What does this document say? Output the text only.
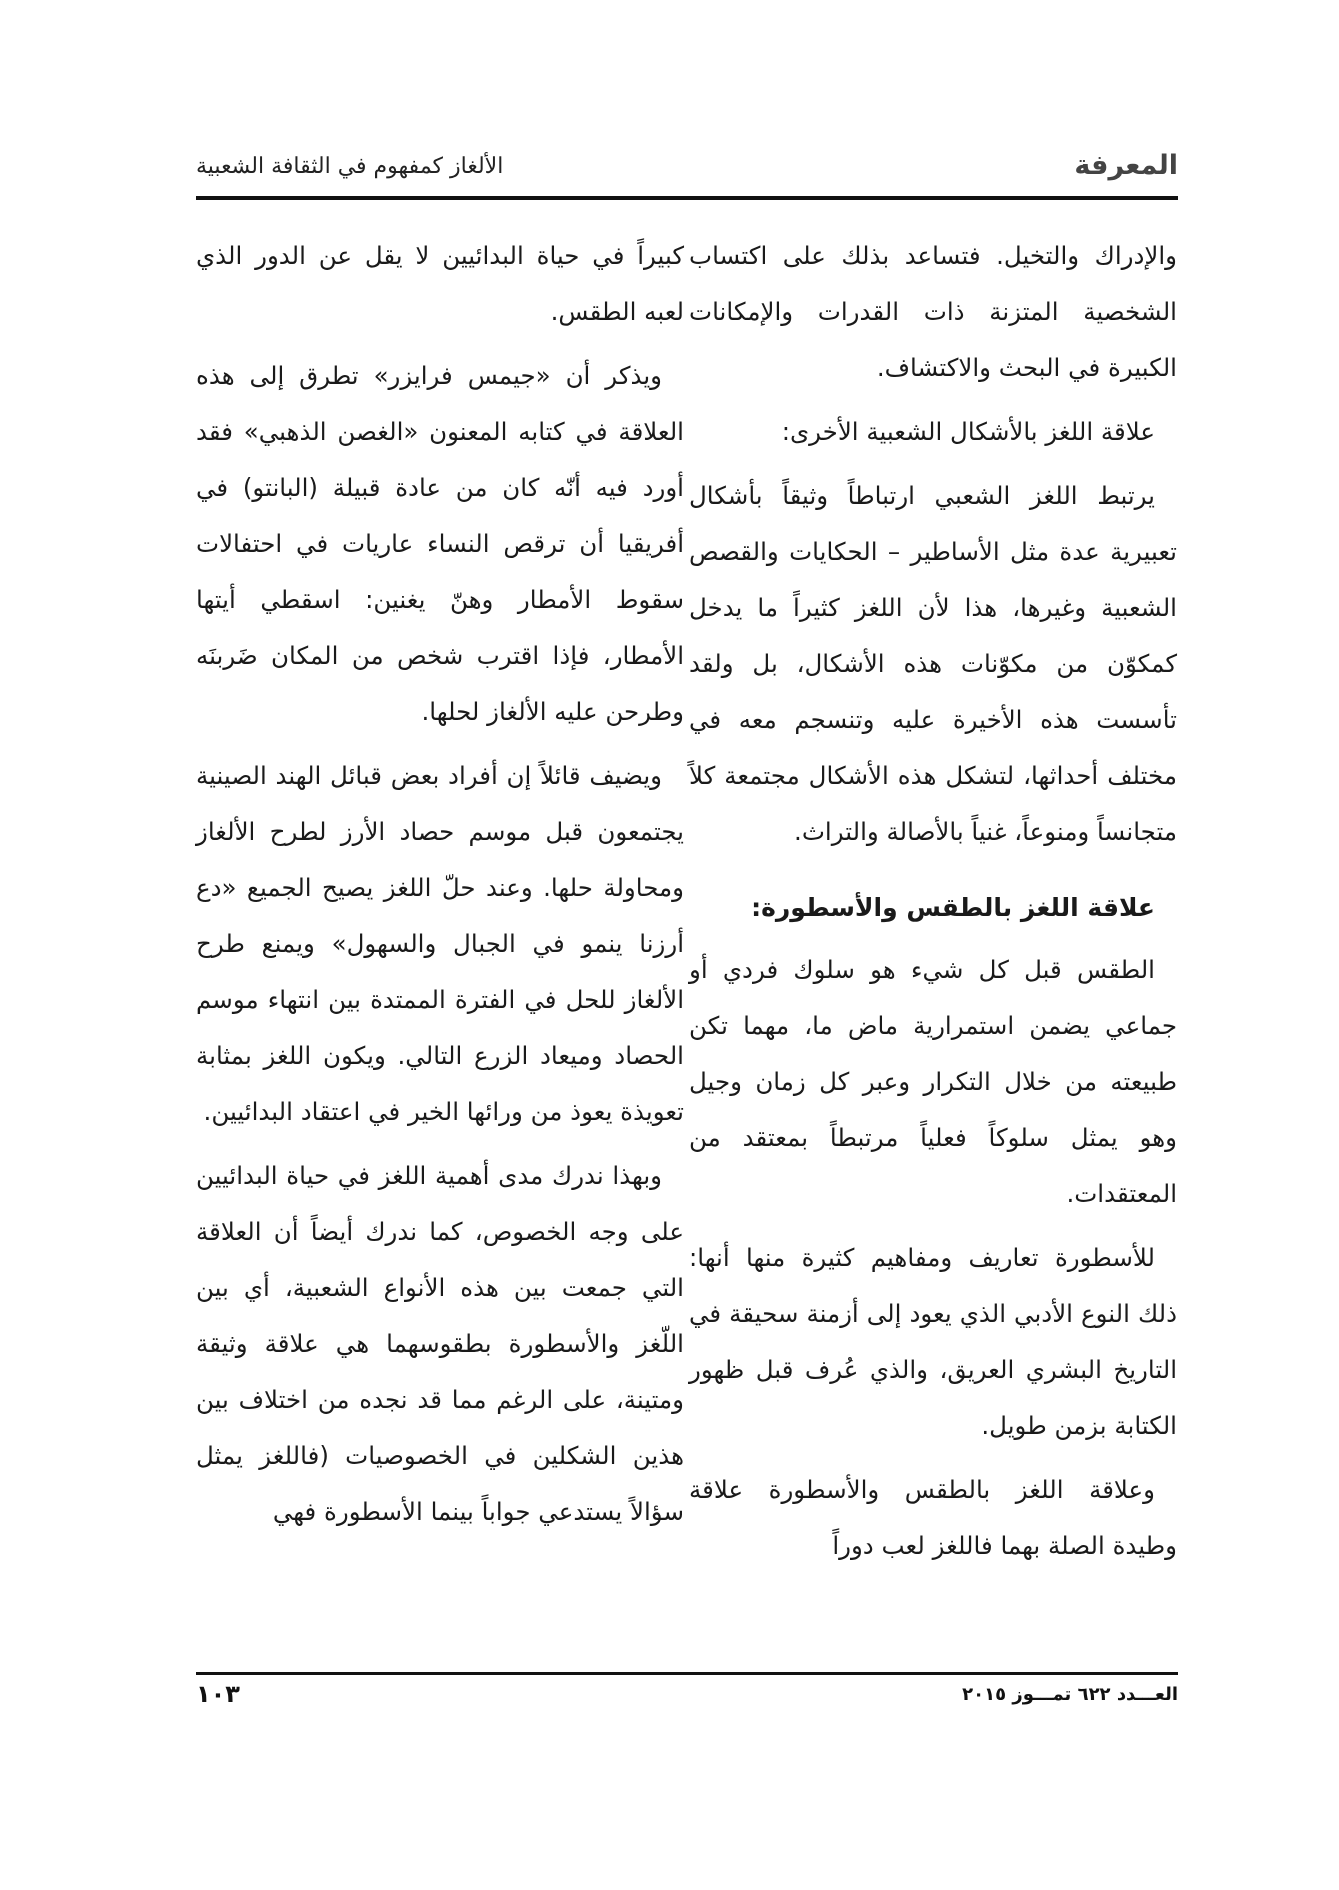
المعرفة
الألغاز كمفهوم في الثقافة الشعبية

والإدراك والتخيل. فتساعد بذلك على اكتساب الشخصية المتزنة ذات القدرات والإمكانات الكبيرة في البحث والاكتشاف.

علاقة اللغز بالأشكال الشعبية الأخرى:

يرتبط اللغز الشعبي ارتباطاً وثيقاً بأشكال تعبيرية عدة مثل الأساطير – الحكايات والقصص الشعبية وغيرها، هذا لأن اللغز كثيراً ما يدخل كمكوّن من مكوّنات هذه الأشكال، بل ولقد تأسست هذه الأخيرة عليه وتنسجم معه في مختلف أحداثها، لتشكل هذه الأشكال مجتمعة كلاً متجانساً ومنوعاً، غنياً بالأصالة والتراث.

علاقة اللغز بالطقس والأسطورة:

الطقس قبل كل شيء هو سلوك فردي أو جماعي يضمن استمرارية ماض ما، مهما تكن طبيعته من خلال التكرار وعبر كل زمان وجيل وهو يمثل سلوكاً فعلياً مرتبطاً بمعتقد من المعتقدات.

للأسطورة تعاريف ومفاهيم كثيرة منها أنها: ذلك النوع الأدبي الذي يعود إلى أزمنة سحيقة في التاريخ البشري العريق، والذي عُرف قبل ظهور الكتابة بزمن طويل.

وعلاقة اللغز بالطقس والأسطورة علاقة وطيدة الصلة بهما فاللغز لعب دوراً

كبيراً في حياة البدائيين لا يقل عن الدور الذي لعبه الطقس.

ويذكر أن «جيمس فرايزر» تطرق إلى هذه العلاقة في كتابه المعنون «الغصن الذهبي» فقد أورد فيه أنّه كان من عادة قبيلة (البانتو) في أفريقيا أن ترقص النساء عاريات في احتفالات سقوط الأمطار وهنّ يغنين: اسقطي أيتها الأمطار، فإذا اقترب شخص من المكان ضَربنَه وطرحن عليه الألغاز لحلها.

ويضيف قائلاً إن أفراد بعض قبائل الهند الصينية يجتمعون قبل موسم حصاد الأرز لطرح الألغاز ومحاولة حلها. وعند حلّ اللغز يصيح الجميع «دع أرزنا ينمو في الجبال والسهول» ويمنع طرح الألغاز للحل في الفترة الممتدة بين انتهاء موسم الحصاد وميعاد الزرع التالي. ويكون اللغز بمثابة تعويذة يعوذ من ورائها الخير في اعتقاد البدائيين.

وبهذا ندرك مدى أهمية اللغز في حياة البدائيين على وجه الخصوص، كما ندرك أيضاً أن العلاقة التي جمعت بين هذه الأنواع الشعبية، أي بين اللّغز والأسطورة بطقوسهما هي علاقة وثيقة ومتينة، على الرغم مما قد نجده من اختلاف بين هذين الشكلين في الخصوصيات (فاللغز يمثل سؤالاً يستدعي جواباً بينما الأسطورة فهي

العـــدد ٦٢٢ تمـــوز ٢٠١٥
١٠٣
